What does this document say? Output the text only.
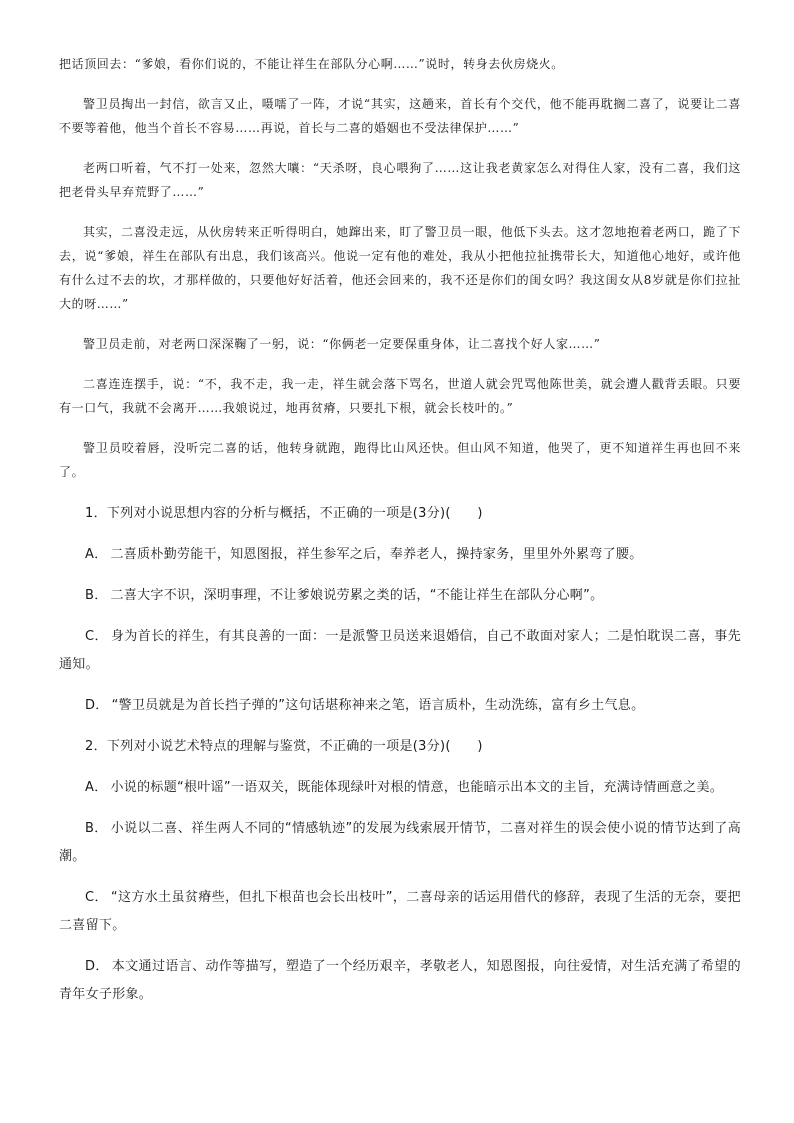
把话顶回去：“爹娘，看你们说的，不能让祥生在部队分心啊……”说时，转身去伙房烧火。

警卫员掏出一封信，欲言又止，嗫嚅了一阵，才说“其实，这趟来，首长有个交代，他不能再耽搁二喜了，说要让二喜不要等着他，他当个首长不容易……再说，首长与二喜的婚姻也不受法律保护……”

老两口听着，气不打一处来，忽然大嚷：“天杀呀，良心喂狗了……这让我老黄家怎么对得住人家，没有二喜，我们这把老骨头早弃荒野了……”

其实，二喜没走远，从伙房转来正听得明白，她蹿出来，盯了警卫员一眼，他低下头去。这才忽地抱着老两口，跪了下去，说“爹娘，祥生在部队有出息，我们该高兴。他说一定有他的难处，我从小把他拉扯携带长大，知道他心地好，或许他有什么过不去的坎，才那样做的，只要他好好活着，他还会回来的，我不还是你们的闺女吗？我这闺女从8岁就是你们拉扯大的呀……”

警卫员走前，对老两口深深鞠了一躬，说：“你俩老一定要保重身体，让二喜找个好人家……”

二喜连连摆手，说：“不，我不走，我一走，祥生就会落下骂名，世道人就会咒骂他陈世美，就会遭人戳背丢眼。只要有一口气，我就不会离开……我娘说过，地再贫瘠，只要扎下根，就会长枝叶的。”

警卫员咬着唇，没听完二喜的话，他转身就跑，跑得比山风还快。但山风不知道，他哭了，更不知道祥生再也回不来了。

1．下列对小说思想内容的分析与概括，不正确的一项是(3分)(　　)

A． 二喜质朴勤劳能干，知恩图报，祥生参军之后，奉养老人，操持家务，里里外外累弯了腰。

B． 二喜大字不识，深明事理，不让爹娘说劳累之类的话，“不能让祥生在部队分心啊”。

C． 身为首长的祥生，有其良善的一面：一是派警卫员送来退婚信，自己不敢面对家人；二是怕耽误二喜，事先通知。

D． “警卫员就是为首长挡子弹的”这句话堪称神来之笔，语言质朴，生动洗练，富有乡土气息。

2．下列对小说艺术特点的理解与鉴赏，不正确的一项是(3分)(　　)

A． 小说的标题“根叶谣”一语双关，既能体现绿叶对根的情意，也能暗示出本文的主旨，充满诗情画意之美。

B． 小说以二喜、祥生两人不同的“情感轨迹”的发展为线索展开情节，二喜对祥生的误会使小说的情节达到了高潮。

C． “这方水土虽贫瘠些，但扎下根苗也会长出枝叶”，二喜母亲的话运用借代的修辞，表现了生活的无奈，要把二喜留下。

D． 本文通过语言、动作等描写，塑造了一个经历艰辛，孝敬老人，知恩图报，向往爱情，对生活充满了希望的青年女子形象。
